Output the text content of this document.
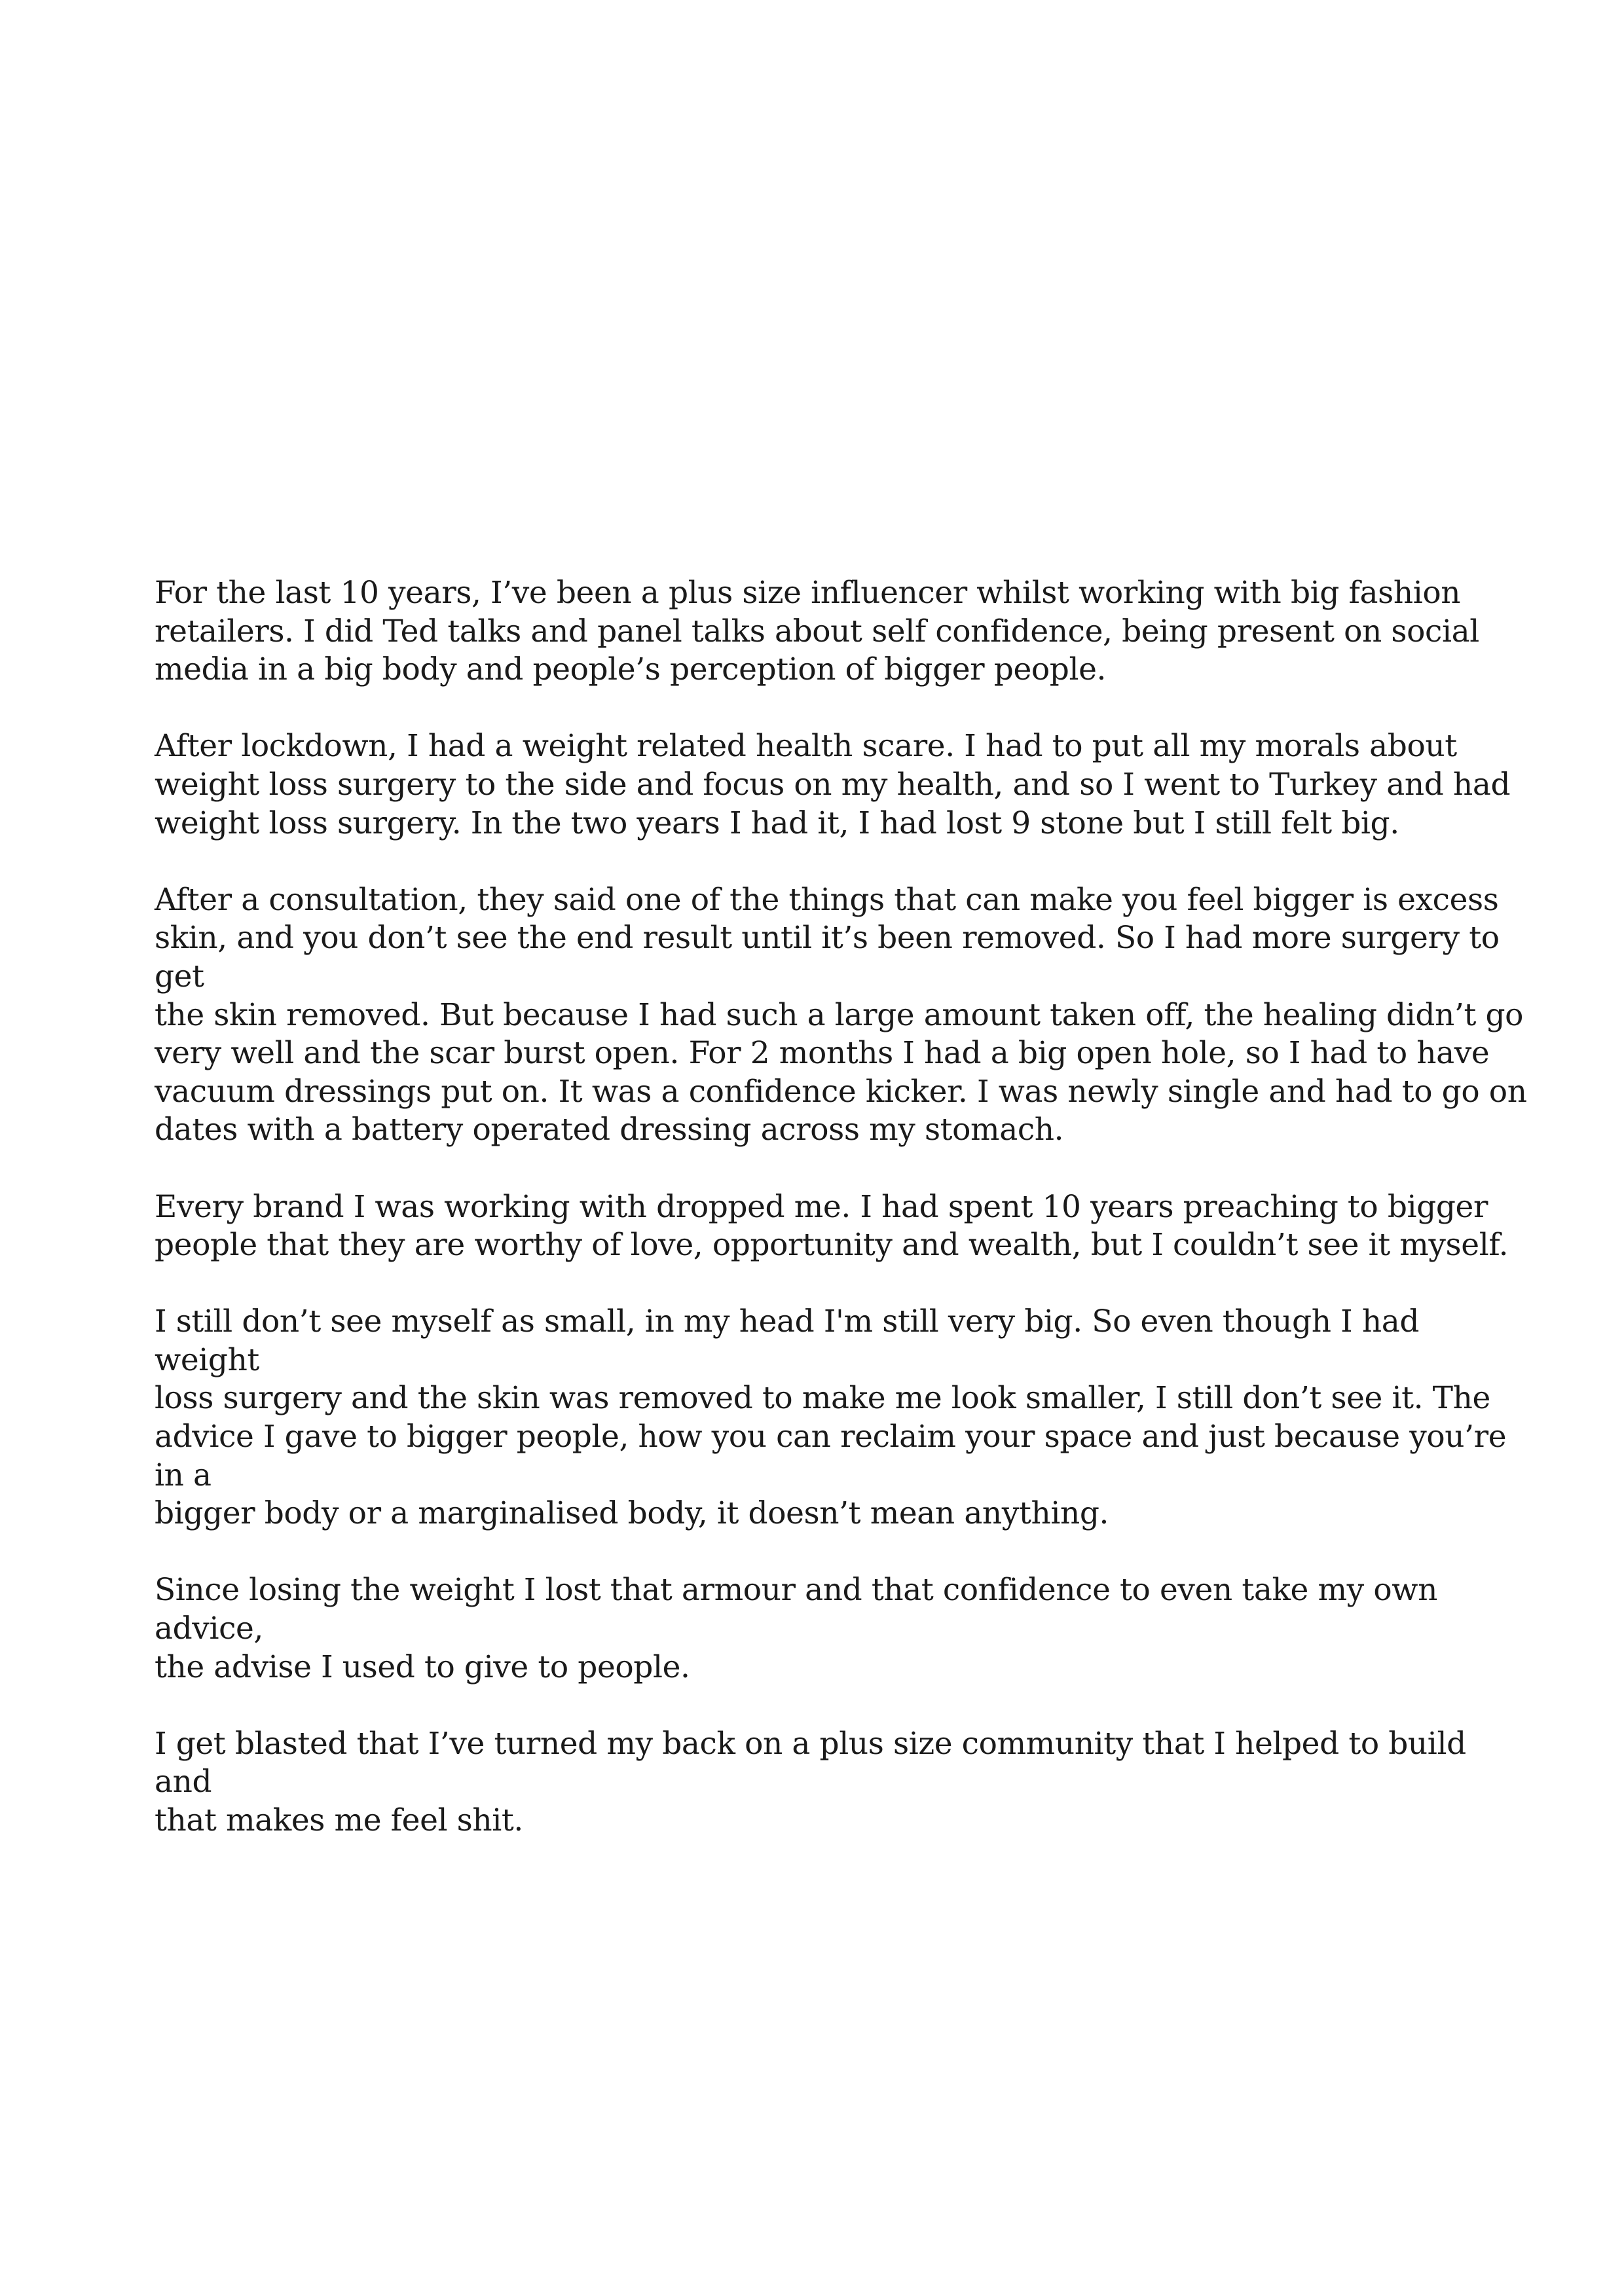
For the last 10 years, I’ve been a plus size influencer whilst working with big fashion
retailers. I did Ted talks and panel talks about self confidence, being present on social
media in a big body and people’s perception of bigger people.

After lockdown, I had a weight related health scare. I had to put all my morals about
weight loss surgery to the side and focus on my health, and so I went to Turkey and had
weight loss surgery. In the two years I had it, I had lost 9 stone but I still felt big.

After a consultation, they said one of the things that can make you feel bigger is excess
skin, and you don’t see the end result until it’s been removed. So I had more surgery to get
the skin removed. But because I had such a large amount taken off, the healing didn’t go
very well and the scar burst open. For 2 months I had a big open hole, so I had to have
vacuum dressings put on. It was a confidence kicker. I was newly single and had to go on
dates with a battery operated dressing across my stomach.

Every brand I was working with dropped me. I had spent 10 years preaching to bigger
people that they are worthy of love, opportunity and wealth, but I couldn’t see it myself.

I still don’t see myself as small, in my head I'm still very big. So even though I had weight
loss surgery and the skin was removed to make me look smaller, I still don’t see it. The
advice I gave to bigger people, how you can reclaim your space and just because you’re in a
bigger body or a marginalised body, it doesn’t mean anything.

Since losing the weight I lost that armour and that confidence to even take my own advice,
the advise I used to give to people.

I get blasted that I’ve turned my back on a plus size community that I helped to build and
that makes me feel shit.
